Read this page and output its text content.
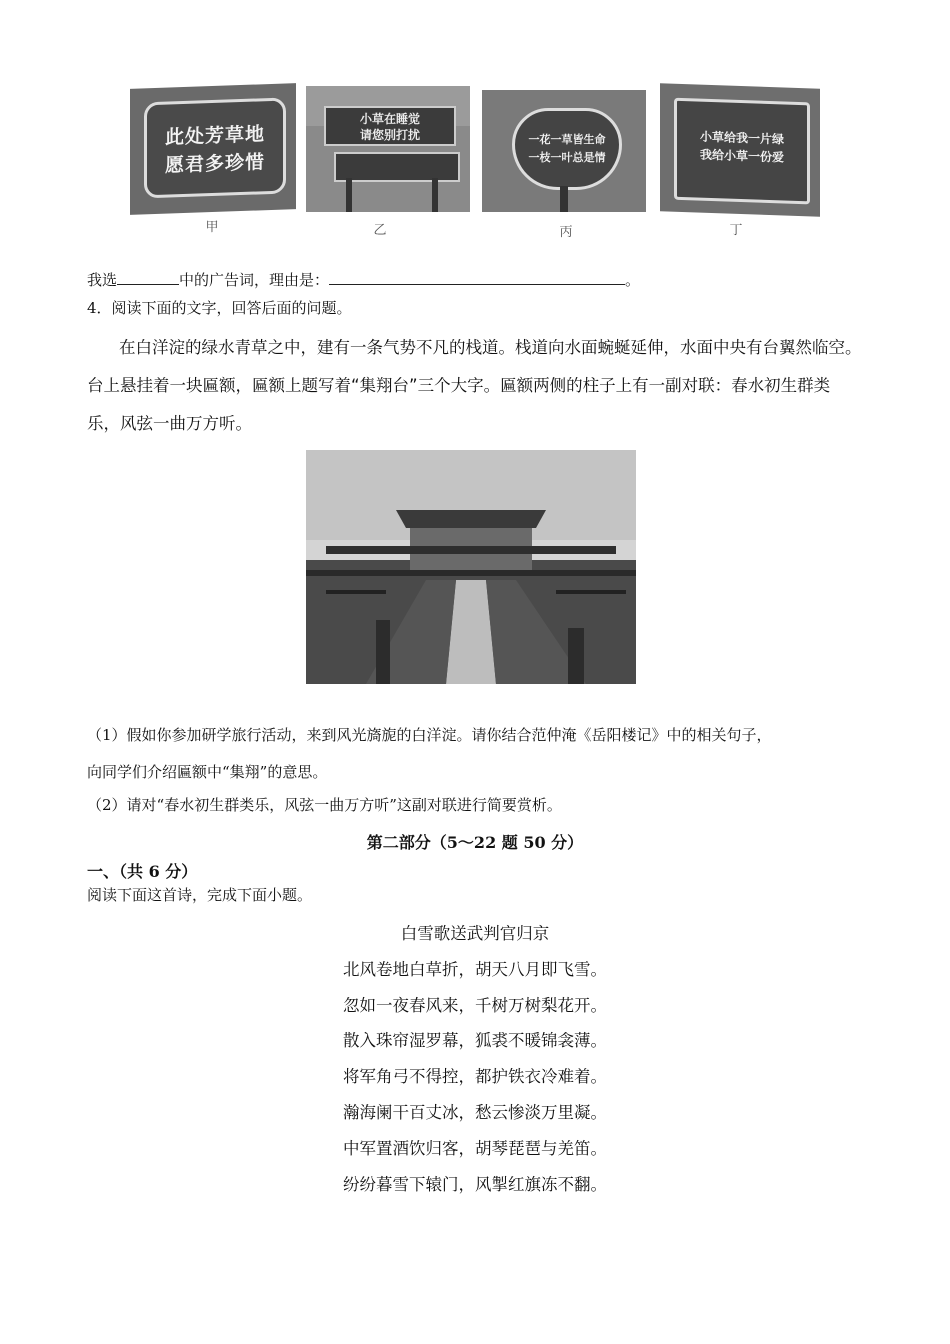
此处芳草地
愿君多珍惜
小草在睡觉
请您别打扰	一花一草皆生命
一枝一叶总是情
小草给我一片绿
我给小草一份爱
甲	乙	丙	丁
我选	中的广告词，理由是：	。
4．阅读下面的文字，回答后面的问题。
在白洋淀的绿水青草之中，建有一条气势不凡的栈道。栈道向水面蜿蜒延伸，水面中央有台翼然临空。
台上悬挂着一块匾额，匾额上题写着“集翔台”三个大字。匾额两侧的柱子上有一副对联：春水初生群类
乐，风弦一曲万方听。
（1）假如你参加研学旅行活动，来到风光旖旎的白洋淀。请你结合范仲淹《岳阳楼记》中的相关句子，
向同学们介绍匾额中“集翔”的意思。
（2）请对“春水初生群类乐，风弦一曲万方听”这副对联进行简要赏析。
第二部分（5～22 题 50 分）
一、（共 6 分）
阅读下面这首诗，完成下面小题。
白雪歌送武判官归京
北风卷地白草折，胡天八月即飞雪。
忽如一夜春风来，千树万树梨花开。
散入珠帘湿罗幕，狐裘不暖锦衾薄。
将军角弓不得控，都护铁衣冷难着。
瀚海阑干百丈冰，愁云惨淡万里凝。
中军置酒饮归客，胡琴琵琶与羌笛。
纷纷暮雪下辕门，风掣红旗冻不翻。
